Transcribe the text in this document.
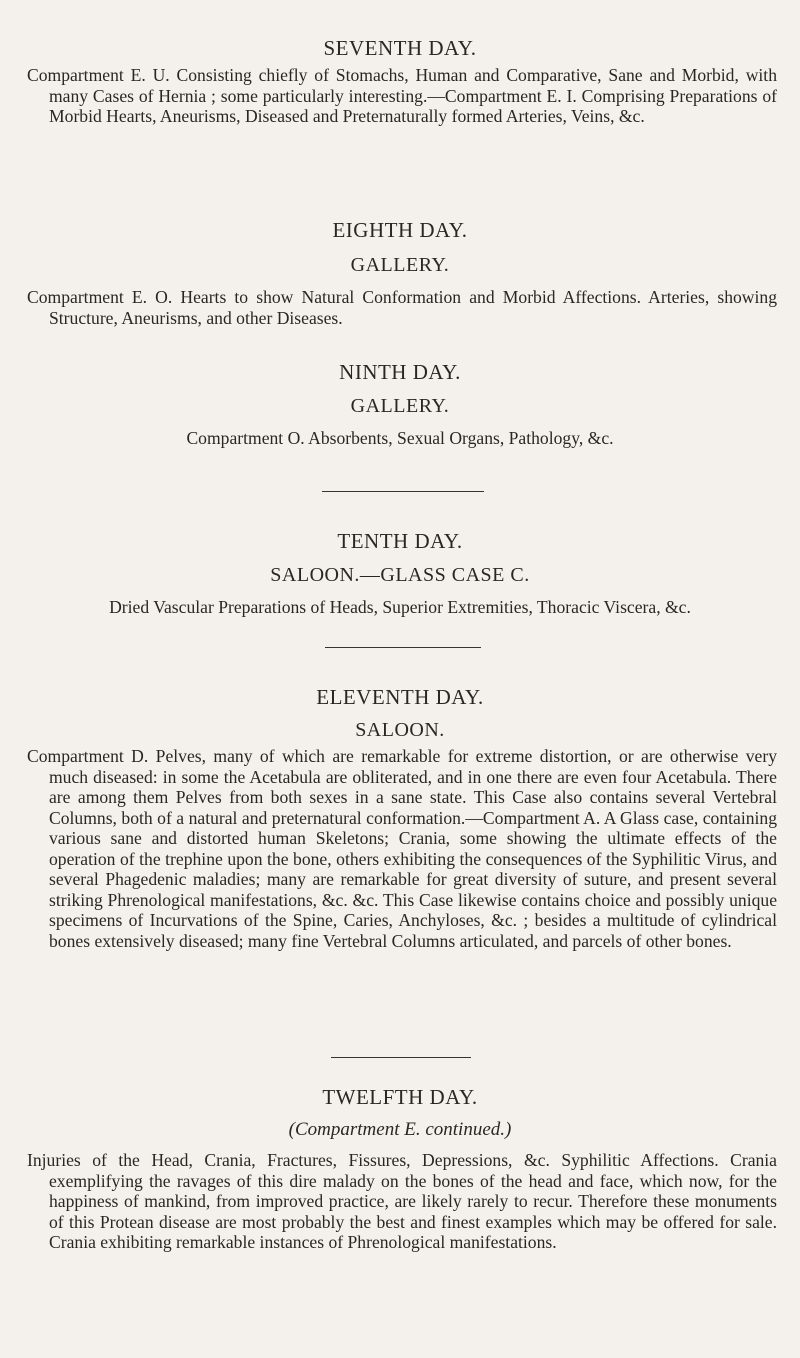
SEVENTH DAY.
Compartment E. U. Consisting chiefly of Stomachs, Human and Comparative, Sane and Morbid, with many Cases of Hernia ; some particularly interesting.—Compartment E. I. Comprising Preparations of Morbid Hearts, Aneurisms, Diseased and Preternaturally formed Arteries, Veins, &c.
EIGHTH DAY.
GALLERY.
Compartment E. O. Hearts to show Natural Conformation and Morbid Affections. Arteries, showing Structure, Aneurisms, and other Diseases.
NINTH DAY.
GALLERY.
Compartment O. Absorbents, Sexual Organs, Pathology, &c.
TENTH DAY.
SALOON.—GLASS CASE C.
Dried Vascular Preparations of Heads, Superior Extremities, Thoracic Viscera, &c.
ELEVENTH DAY.
SALOON.
Compartment D. Pelves, many of which are remarkable for extreme distortion, or are otherwise very much diseased: in some the Acetabula are obliterated, and in one there are even four Acetabula. There are among them Pelves from both sexes in a sane state. This Case also contains several Vertebral Columns, both of a natural and preternatural conformation.—Compartment A. A Glass case, containing various sane and distorted human Skeletons; Crania, some showing the ultimate effects of the operation of the trephine upon the bone, others exhibiting the consequences of the Syphilitic Virus, and several Phagedenic maladies; many are remarkable for great diversity of suture, and present several striking Phrenological manifestations, &c. &c. This Case likewise contains choice and possibly unique specimens of Incurvations of the Spine, Caries, Anchyloses, &c. ; besides a multitude of cylindrical bones extensively diseased; many fine Vertebral Columns articulated, and parcels of other bones.
TWELFTH DAY.
(Compartment E. continued.)
Injuries of the Head, Crania, Fractures, Fissures, Depressions, &c. Syphilitic Affections. Crania exemplifying the ravages of this dire malady on the bones of the head and face, which now, for the happiness of mankind, from improved practice, are likely rarely to recur. Therefore these monuments of this Protean disease are most probably the best and finest examples which may be offered for sale. Crania exhibiting remarkable instances of Phrenological manifestations.
